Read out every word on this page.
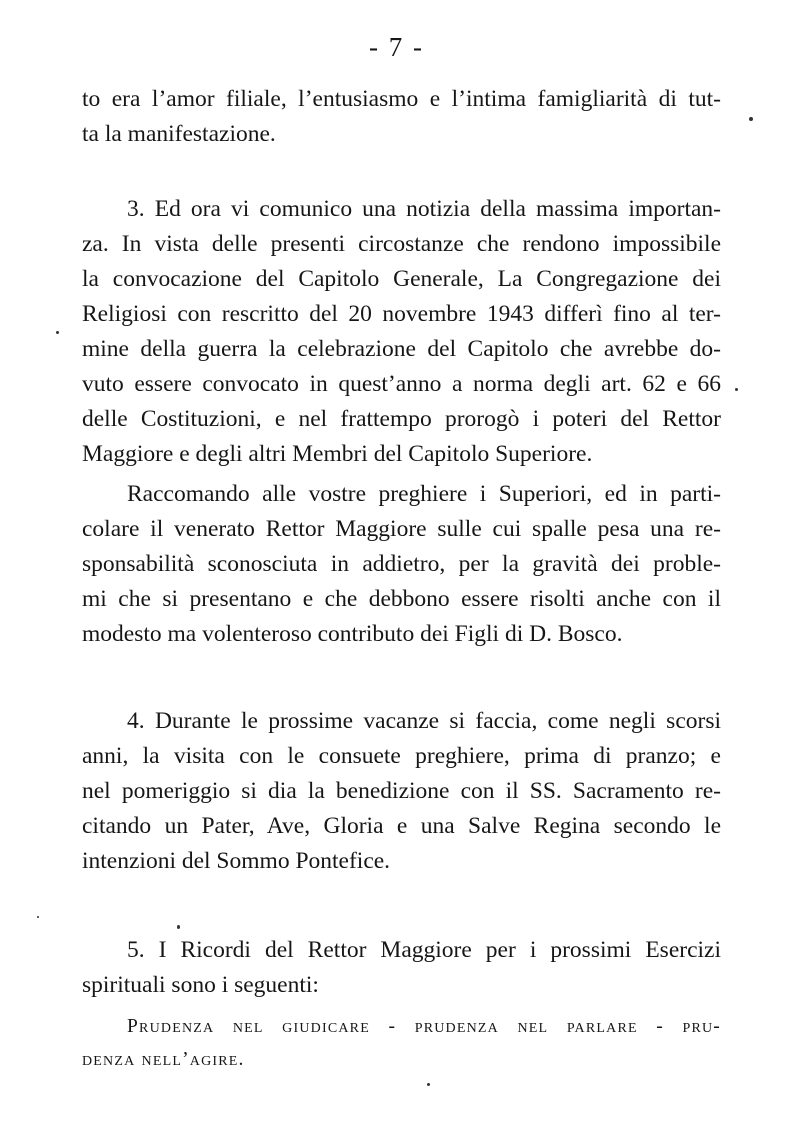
- 7 -
to era l’amor filiale, l’entusiasmo e l’intima famigliarità di tut-
ta la manifestazione.
3. Ed ora vi comunico una notizia della massima importan-
za. In vista delle presenti circostanze che rendono impossibile
la convocazione del Capitolo Generale, La Congregazione dei
Religiosi con rescritto del 20 novembre 1943 differì fino al ter-
mine della guerra la celebrazione del Capitolo che avrebbe do-
vuto essere convocato in quest’anno a norma degli art. 62 e 66
delle Costituzioni, e nel frattempo prorogò i poteri del Rettor
Maggiore e degli altri Membri del Capitolo Superiore.
Raccomando alle vostre preghiere i Superiori, ed in parti-
colare il venerato Rettor Maggiore sulle cui spalle pesa una re-
sponsabilità sconosciuta in addietro, per la gravità dei proble-
mi che si presentano e che debbono essere risolti anche con il
modesto ma volenteroso contributo dei Figli di D. Bosco.
4. Durante le prossime vacanze si faccia, come negli scorsi
anni, la visita con le consuete preghiere, prima di pranzo; e
nel pomeriggio si dia la benedizione con il SS. Sacramento re-
citando un Pater, Ave, Gloria e una Salve Regina secondo le
intenzioni del Sommo Pontefice.
5. I Ricordi del Rettor Maggiore per i prossimi Esercizi
spirituali sono i seguenti:
Prudenza nel giudicare - prudenza nel parlare - pru-
denza nell’agire.
